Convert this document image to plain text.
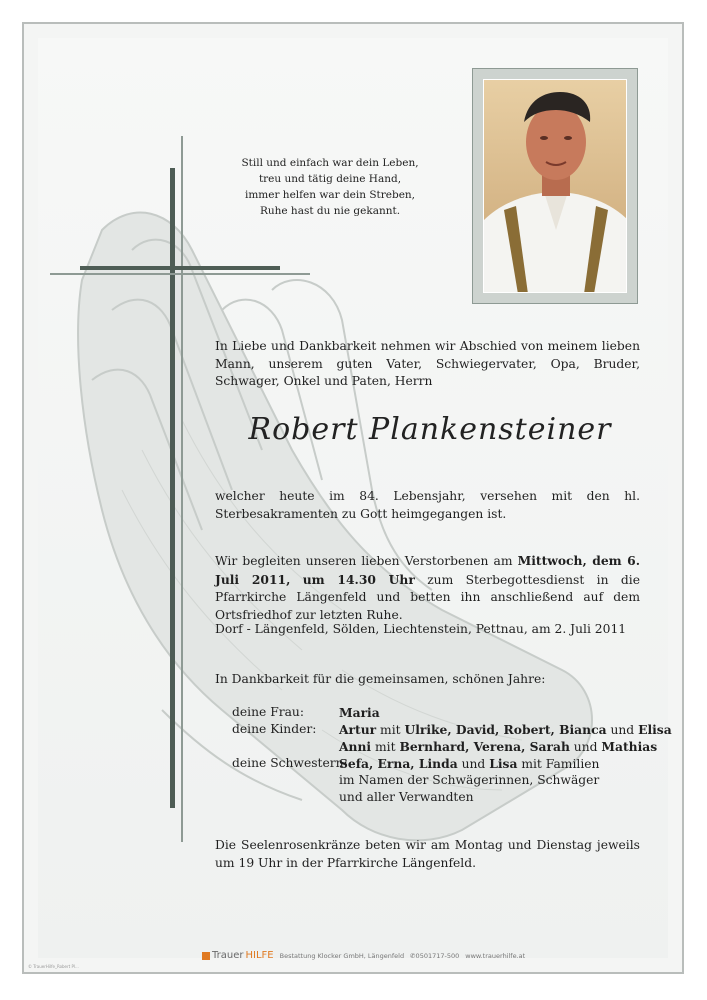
Still und einfach war dein Leben,
treu und tätig deine Hand,
immer helfen war dein Streben,
Ruhe hast du nie gekannt.
In Liebe und Dankbarkeit nehmen wir Abschied von meinem lieben Mann, unserem guten Vater, Schwiegervater, Opa, Bruder, Schwager, Onkel und Paten, Herrn
Robert Plankensteiner
welcher heute im 84. Lebensjahr, versehen mit den hl. Sterbesakramenten zu Gott heimgegangen ist.
Wir begleiten unseren lieben Verstorbenen am Mittwoch, dem 6. Juli 2011, um 14.30 Uhr zum Sterbegottesdienst in die Pfarrkirche Längenfeld und betten ihn anschließend auf dem Ortsfriedhof zur letzten Ruhe.
Dorf - Längenfeld, Sölden, Liechtenstein, Pettnau, am 2. Juli 2011
In Dankbarkeit für die gemeinsamen, schönen Jahre:
deine Frau:	Maria
deine Kinder:	Artur mit Ulrike, David, Robert, Bianca und Elisa
Anni mit Bernhard, Verena, Sarah und Mathias
deine Schwestern:
Sefa, Erna, Linda und Lisa mit Familien
im Namen der Schwägerinnen, Schwäger
und aller Verwandten
Die Seelenrosenkränze beten wir am Montag und Dienstag jeweils um 19 Uhr in der Pfarrkirche Längenfeld.
Trauer HILFE Bestattung Klocker GmbH, Längenfeld ✆0501717-500 www.trauerhilfe.at
© TrauerHilfe_Robert Pl...
